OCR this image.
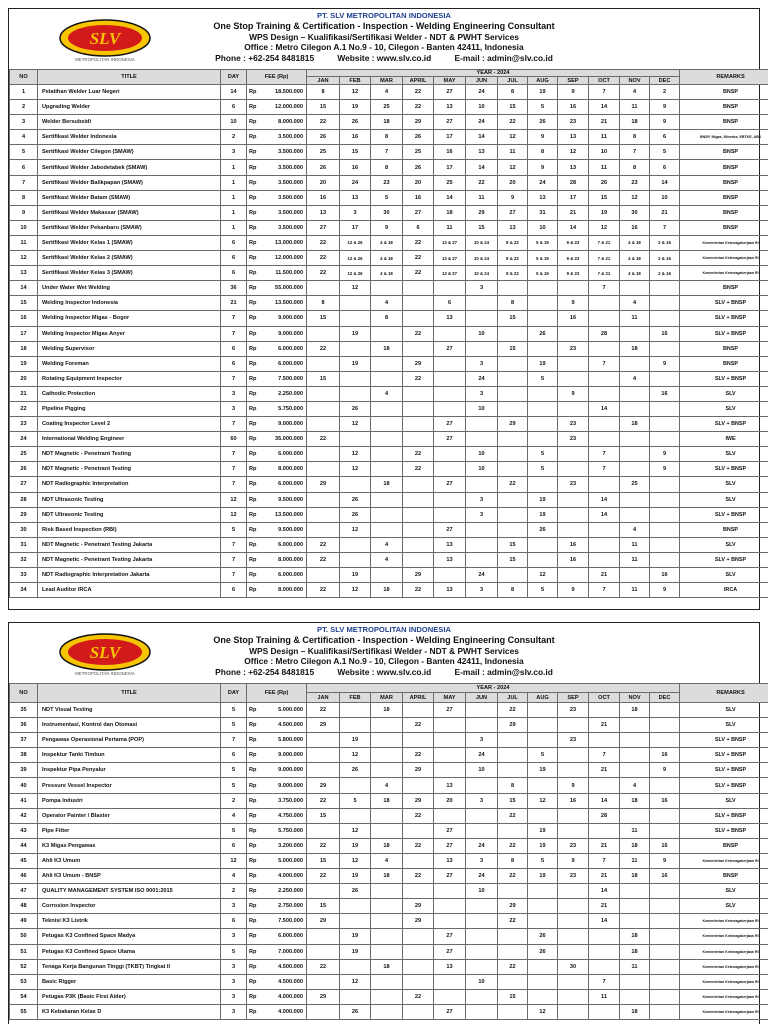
SLV
METROPOLITAN INDONESIA
PT. SLV METROPOLITAN INDONESIA
One Stop Training & Certification - Inspection - Welding Engineering Consultant
WPS Design – Kualifikasi/Sertifikasi Welder - NDT & PWHT Services
Office : Metro Cilegon A.1 No.9 - 10, Cilegon - Banten 42411, Indonesia
Phone : +62-254 8481815	Website : www.slv.co.id	E-mail : admin@slv.co.id
NO	TITLE	DAY	FEE (Rp)		YEAR - 2024												REMARKS
					JAN	FEB	MAR	APRIL	MAY	JUN	JUL	AUG	SEP	OCT	NOV	DEC	
1	Pelatihan Welder Luar Negeri	14	Rp	18.500.000	8	12	4	22	27	24	8	19	9	7	4	2	BNSP
2	Upgrading Welder	6	Rp	12.000.000	15	19	25	22	13	10	15	5	16	14	11	9	BNSP
3	Welder Bersubsidi	10	Rp	8.000.000	22	26	18	29	27	24	22	26	23	21	18	9	BNSP
4	Sertifikasi Welder Indonesia	2	Rp	3.500.000	26	16	8	26	17	14	12	9	13	11	8	6	BNSP, Migas, Minerba, EBTKE, ABS
5	Sertifikasi Welder Cilegon (SMAW)	3	Rp	3.500.000	25	15	7	25	16	13	11	8	12	10	7	5	BNSP
6	Sertifikasi Welder Jabodetabek (SMAW)	1	Rp	3.500.000	26	16	8	26	17	14	12	9	13	11	8	6	BNSP
7	Sertifikasi Welder Balikpapan (SMAW)	1	Rp	3.500.000	20	24	23	20	25	22	20	24	28	26	23	14	BNSP
8	Sertifikasi Welder Batam (SMAW)	1	Rp	3.500.000	16	13	5	16	14	11	9	13	17	15	12	10	BNSP
9	Sertifikasi Welder Makassar (SMAW)	1	Rp	3.500.000	13	3	30	27	18	29	27	31	21	19	30	21	BNSP
10	Sertifikasi Welder Pekanbaru (SMAW)	1	Rp	3.500.000	27	17	9	6	11	15	13	10	14	12	16	7	BNSP
11	Sertifikasi Welder Kelas 1 (SMAW)	6	Rp	13.000.000	22	12 & 26	4 & 18	22	13 & 27	10 & 24	8 & 22	5 & 19	9 & 23	7 & 21	4 & 18	2 & 16	Kementerian Ketenagakerjaan RI
12	Sertifikasi Welder Kelas 2 (SMAW)	6	Rp	12.000.000	22	12 & 26	4 & 18	22	13 & 27	10 & 24	8 & 22	5 & 19	9 & 23	7 & 21	4 & 18	2 & 16	Kementerian Ketenagakerjaan RI
13	Sertifikasi Welder Kelas 3 (SMAW)	6	Rp	11.500.000	22	12 & 26	4 & 18	22	13 & 27	10 & 24	8 & 22	5 & 19	9 & 23	7 & 21	4 & 18	2 & 16	Kementerian Ketenagakerjaan RI
14	Under Water Wet Welding	36	Rp	55.000.000		12				3				7			BNSP
15	Welding Inspector Indonesia	21	Rp	13.500.000	8		4		6		8		9		4		SLV + BNSP
16	Welding Inspector Migas - Bogor	7	Rp	9.000.000	15		8		13		15		16		11		SLV + BNSP
17	Welding Inspector Migas Anyer	7	Rp	9.000.000		19		22		10		26		28		16	SLV + BNSP
18	Welding Supervisor	6	Rp	6.000.000	22		18		27		15		23		18		BNSP
19	Welding Foreman	6	Rp	6.000.000		19		29		3		19		7		9	BNSP
20	Rotating Equipment Inspector	7	Rp	7.500.000	15			22		24		5			4		SLV + BNSP
21	Cathodic Protection	3	Rp	2.250.000			4			3			9			16	SLV
22	Pipeline Pigging	3	Rp	5.750.000		26				10				14			SLV
23	Coating Inspector Level 2	7	Rp	9.000.000		12			27		29		23		18		SLV + BNSP
24	International Welding Engineer	60	Rp	35.000.000	22				27				23				IWE
25	NDT Magnetic - Penetrant Testing	7	Rp	6.000.000		12		22		10		5		7		9	SLV
26	NDT Magnetic - Penetrant Testing	7	Rp	8.000.000		12		22		10		5		7		9	SLV + BNSP
27	NDT Radiographic Interpretation	7	Rp	6.000.000	29		18		27		22		23		25		SLV
28	NDT Ultrasonic Testing	12	Rp	9.500.000		26				3		19		14			SLV
29	NDT Ultrasonic Testing	12	Rp	13.500.000		26				3		19		14			SLV + BNSP
30	Risk Based Inspection (RBI)	5	Rp	9.500.000		12			27			26			4		BNSP
31	NDT Magnetic - Penetrant Testing Jakarta	7	Rp	6.000.000	22		4		13		15		16		11		SLV
32	NDT Magnetic - Penetrant Testing Jakarta	7	Rp	8.000.000	22		4		13		15		16		11		SLV + BNSP
33	NDT Radiographic Interpretation Jakarta	7	Rp	6.000.000		19		29		24		12		21		16	SLV
34	Lead Auditor IRCA	6	Rp	8.000.000	22	12	18	22	13	3	8	5	9	7	11	9	IRCA
SLV
METROPOLITAN INDONESIA
PT. SLV METROPOLITAN INDONESIA
One Stop Training & Certification - Inspection - Welding Engineering Consultant
WPS Design – Kualifikasi/Sertifikasi Welder - NDT & PWHT Services
Office : Metro Cilegon A.1 No.9 - 10, Cilegon - Banten 42411, Indonesia
Phone : +62-254 8481815	Website : www.slv.co.id	E-mail : admin@slv.co.id
NO	TITLE	DAY	FEE (Rp)		YEAR - 2024												REMARKS
					JAN	FEB	MAR	APRIL	MAY	JUN	JUL	AUG	SEP	OCT	NOV	DEC	
35	NDT Visual Testing	5	Rp	5.000.000	22		18		27		22		23		18		SLV
36	Instrumentasi, Kontrol dan Otomasi	5	Rp	4.500.000	29			22			29			21			SLV
37	Pengawas Operasional Pertama (POP)	7	Rp	5.800.000		19				3			23				SLV + BNSP
38	Inspektur Tanki Timbun	6	Rp	9.000.000		12		22		24		5		7		16	SLV + BNSP
39	Inspektur Pipa Penyalur	5	Rp	9.000.000		26		29		10		19		21		9	SLV + BNSP
40	Pressure Vessel Inspector	5	Rp	9.000.000	29		4		13		8		9		4		SLV + BNSP
41	Pompa Industri	2	Rp	3.750.000	22	5	18	29	20	3	15	12	16	14	18	16	SLV
42	Operator Painter / Blaster	4	Rp	4.750.000	15			22			22			28			SLV + BNSP
43	Pipe Fitter	5	Rp	5.750.000		12			27			19			11		SLV + BNSP
44	K3 Migas Pengawas	6	Rp	3.200.000	22	19	18	22	27	24	22	19	23	21	18	16	BNSP
45	Ahli K3 Umum	12	Rp	5.000.000	15	12	4		13	3	8	5	9	7	11	9	Kementerian Ketenagakerjaan RI
46	Ahli K3 Umum - BNSP	4	Rp	4.000.000	22	19	18	22	27	24	22	19	23	21	18	16	BNSP
47	QUALITY MANAGEMENT SYSTEM ISO 9001:2015	2	Rp	2.250.000		26				10				14			SLV
48	Corrosion Inspector	3	Rp	2.750.000	15			29			29			21			SLV
49	Teknisi K3 Listrik	6	Rp	7.500.000	29			29			22			14			Kementerian Ketenagakerjaan RI
50	Petugas K3 Confined Space Madya	3	Rp	6.000.000		19			27			26			18		Kementerian Ketenagakerjaan RI
51	Petugas K3 Confined Space Utama	5	Rp	7.000.000		19			27			26			18		Kementerian Ketenagakerjaan RI
52	Tenaga Kerja Bangunan Tinggi (TKBT) Tingkat II	3	Rp	4.500.000	22		18		13		22		30		11		Kementerian Ketenagakerjaan RI
53	Basic Rigger	3	Rp	4.500.000		12				10				7			Kementerian Ketenagakerjaan RI
54	Petugas P3K (Basic First Aider)	3	Rp	4.000.000	29			22			15			11			Kementerian Ketenagakerjaan RI
55	K3 Kebakaran Kelas D	3	Rp	4.000.000		26			27			12			18		Kementerian Ketenagakerjaan RI
